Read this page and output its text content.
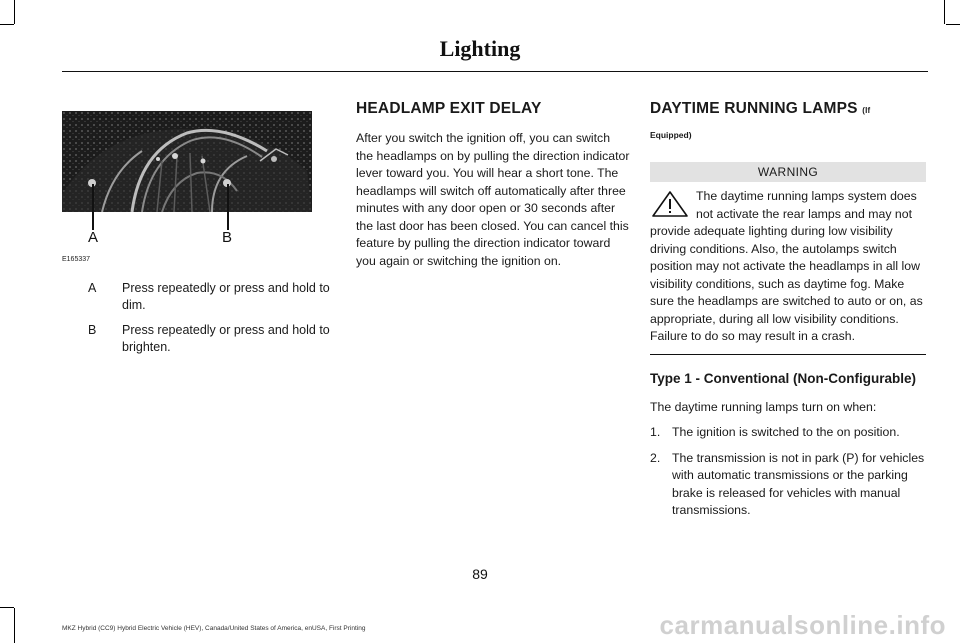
Lighting
A	B
E165337
A	Press repeatedly or press and hold to dim.
B	Press repeatedly or press and hold to brighten.
HEADLAMP EXIT DELAY

After you switch the ignition off, you can switch the headlamps on by pulling the direction indicator lever toward you. You will hear a short tone. The headlamps will switch off automatically after three minutes with any door open or 30 seconds after the last door has been closed. You can cancel this feature by pulling the direction indicator toward you again or switching the ignition on.

DAYTIME RUNNING LAMPS (If
Equipped)
WARNING
The daytime running lamps system does not activate the rear lamps and may not provide adequate lighting during low visibility driving conditions. Also, the autolamps switch position may not activate the headlamps in all low visibility conditions, such as daytime fog. Make sure the headlamps are switched to auto or on, as appropriate, during all low visibility conditions. Failure to do so may result in a crash.
Type 1 - Conventional (Non-Configurable)

The daytime running lamps turn on when:

1. The ignition is switched to the on position.
2. The transmission is not in park (P) for vehicles with automatic transmissions or the parking brake is released for vehicles with manual transmissions.
89
MKZ Hybrid (CC9) Hybrid Electric Vehicle (HEV), Canada/United States of America, enUSA, First Printing	carmanualsonline.info
